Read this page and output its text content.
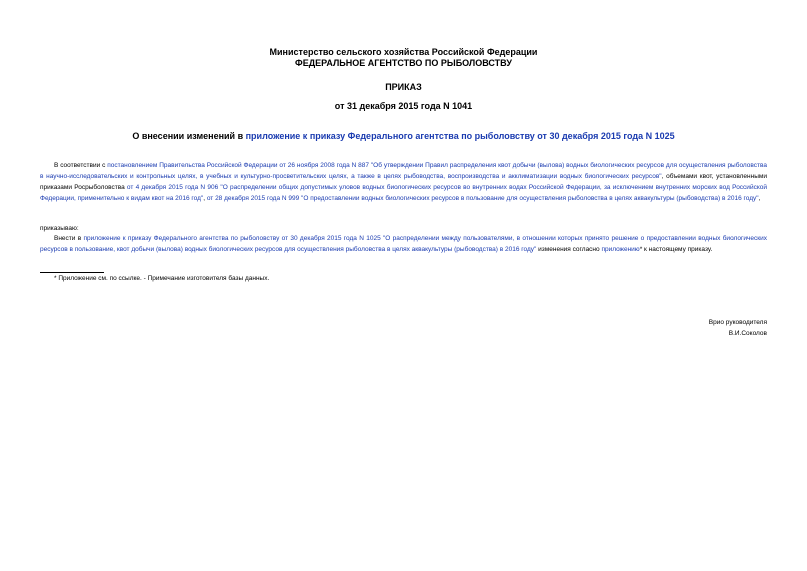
Министерство сельского хозяйства Российской Федерации
ФЕДЕРАЛЬНОЕ АГЕНТСТВО ПО РЫБОЛОВСТВУ
ПРИКАЗ
от 31 декабря 2015 года N 1041
О внесении изменений в приложение к приказу Федерального агентства по рыболовству от 30 декабря 2015 года N 1025
В соответствии с постановлением Правительства Российской Федерации от 26 ноября 2008 года N 887 "Об утверждении Правил распределения квот добычи (вылова) водных биологических ресурсов для осуществления рыболовства в научно-исследовательских и контрольных целях, в учебных и культурно-просветительских целях, а также в целях рыбоводства, воспроизводства и акклиматизации водных биологических ресурсов", объемами квот, установленными приказами Росрыболовства от 4 декабря 2015 года N 906 "О распределении общих допустимых уловов водных биологических ресурсов во внутренних водах Российской Федерации, за исключением внутренних морских вод Российской Федерации, применительно к видам квот на 2016 год", от 28 декабря 2015 года N 999 "О предоставлении водных биологических ресурсов в пользование для осуществления рыболовства в целях аквакультуры (рыбоводства) в 2016 году",
приказываю:
Внести в приложение к приказу Федерального агентства по рыболовству от 30 декабря 2015 года N 1025 "О распределении между пользователями, в отношении которых принято решение о предоставлении водных биологических ресурсов в пользование, квот добычи (вылова) водных биологических ресурсов для осуществления рыболовства в целях аквакультуры (рыбоводства) в 2016 году" изменения согласно приложению* к настоящему приказу.
* Приложение см. по ссылке. - Примечание изготовителя базы данных.
Врио руководителя
В.И.Соколов
